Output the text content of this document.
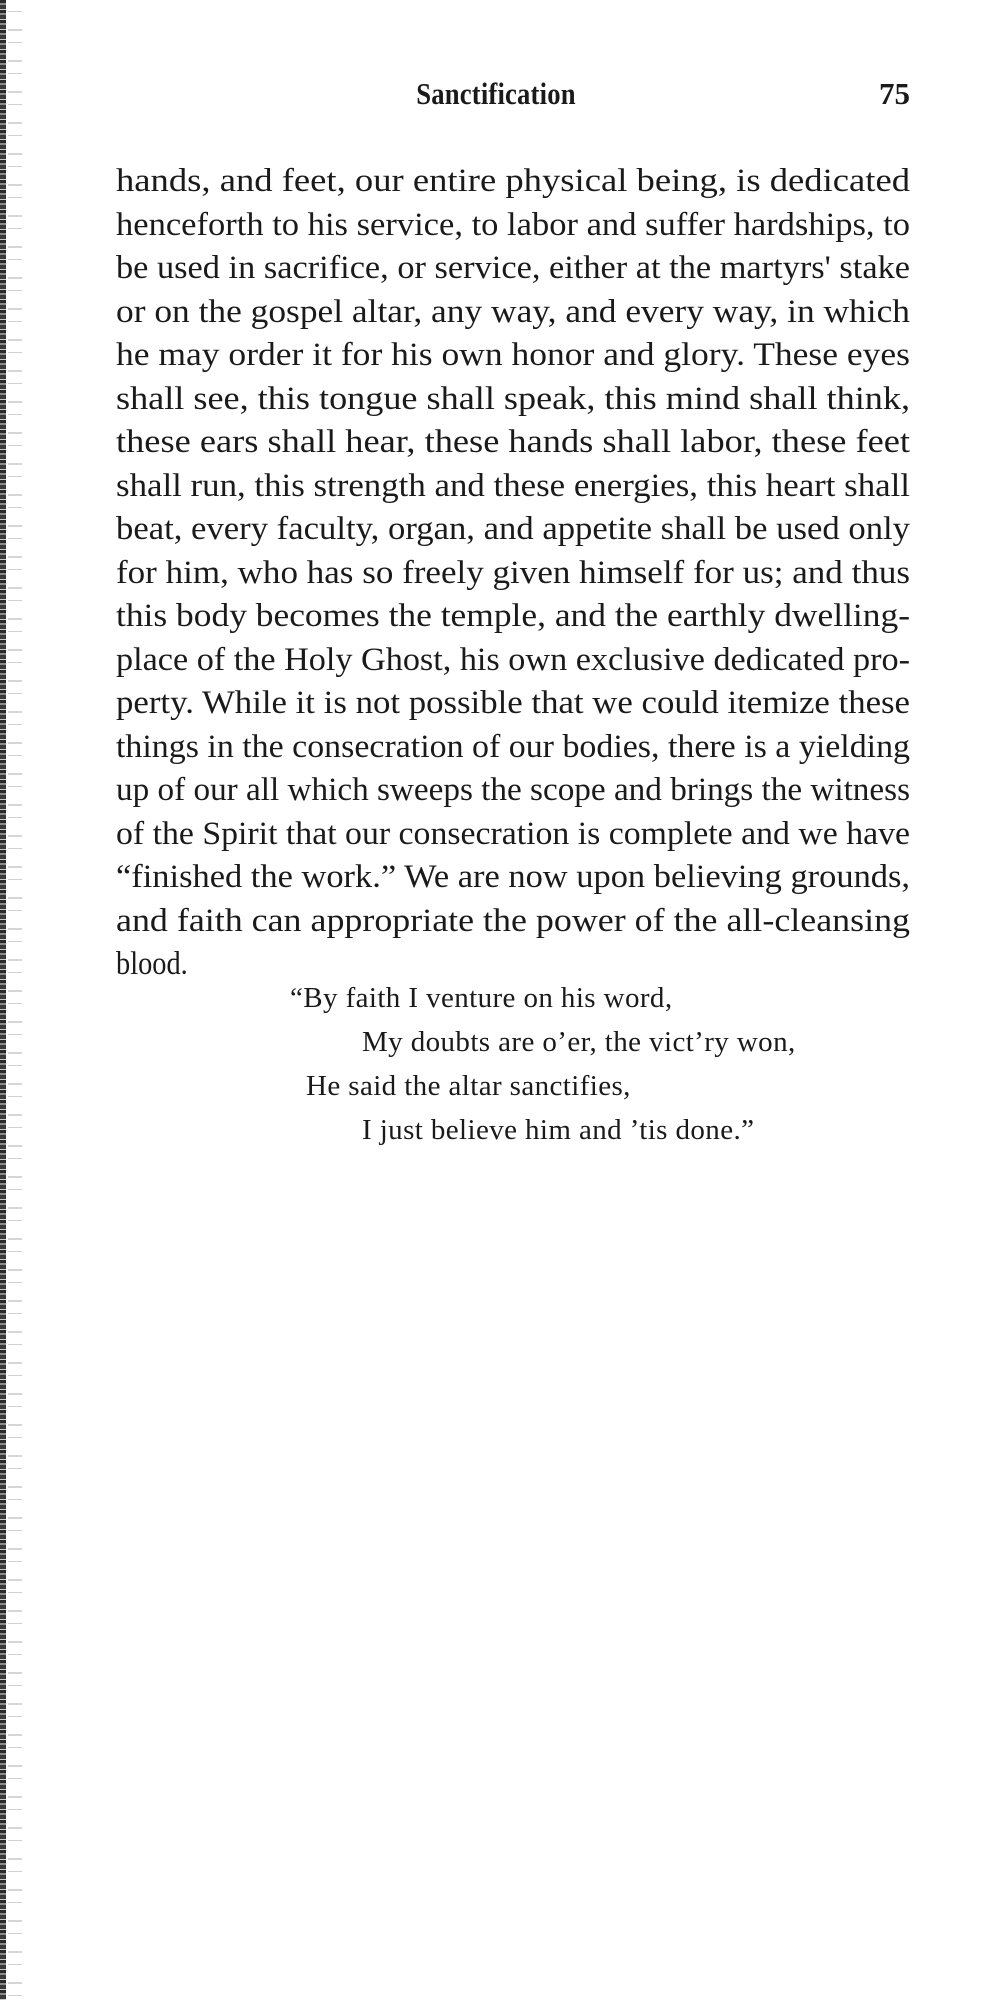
Sanctification	75
hands, and feet, our entire physical being, is dedicated
henceforth to his service, to labor and suffer hardships, to
be used in sacrifice, or service, either at the martyrs' stake
or on the gospel altar, any way, and every way, in which
he may order it for his own honor and glory. These eyes
shall see, this tongue shall speak, this mind shall think,
these ears shall hear, these hands shall labor, these feet
shall run, this strength and these energies, this heart shall
beat, every faculty, organ, and appetite shall be used only
for him, who has so freely given himself for us; and thus
this body becomes the temple, and the earthly dwelling-
place of the Holy Ghost, his own exclusive dedicated pro-
perty. While it is not possible that we could itemize these
things in the consecration of our bodies, there is a yielding
up of our all which sweeps the scope and brings the witness
of the Spirit that our consecration is complete and we have
“finished the work.” We are now upon believing grounds,
and faith can appropriate the power of the all-cleansing
blood.
“By faith I venture on his word,
My doubts are o’er, the vict’ry won,
He said the altar sanctifies,
I just believe him and ’tis done.”
